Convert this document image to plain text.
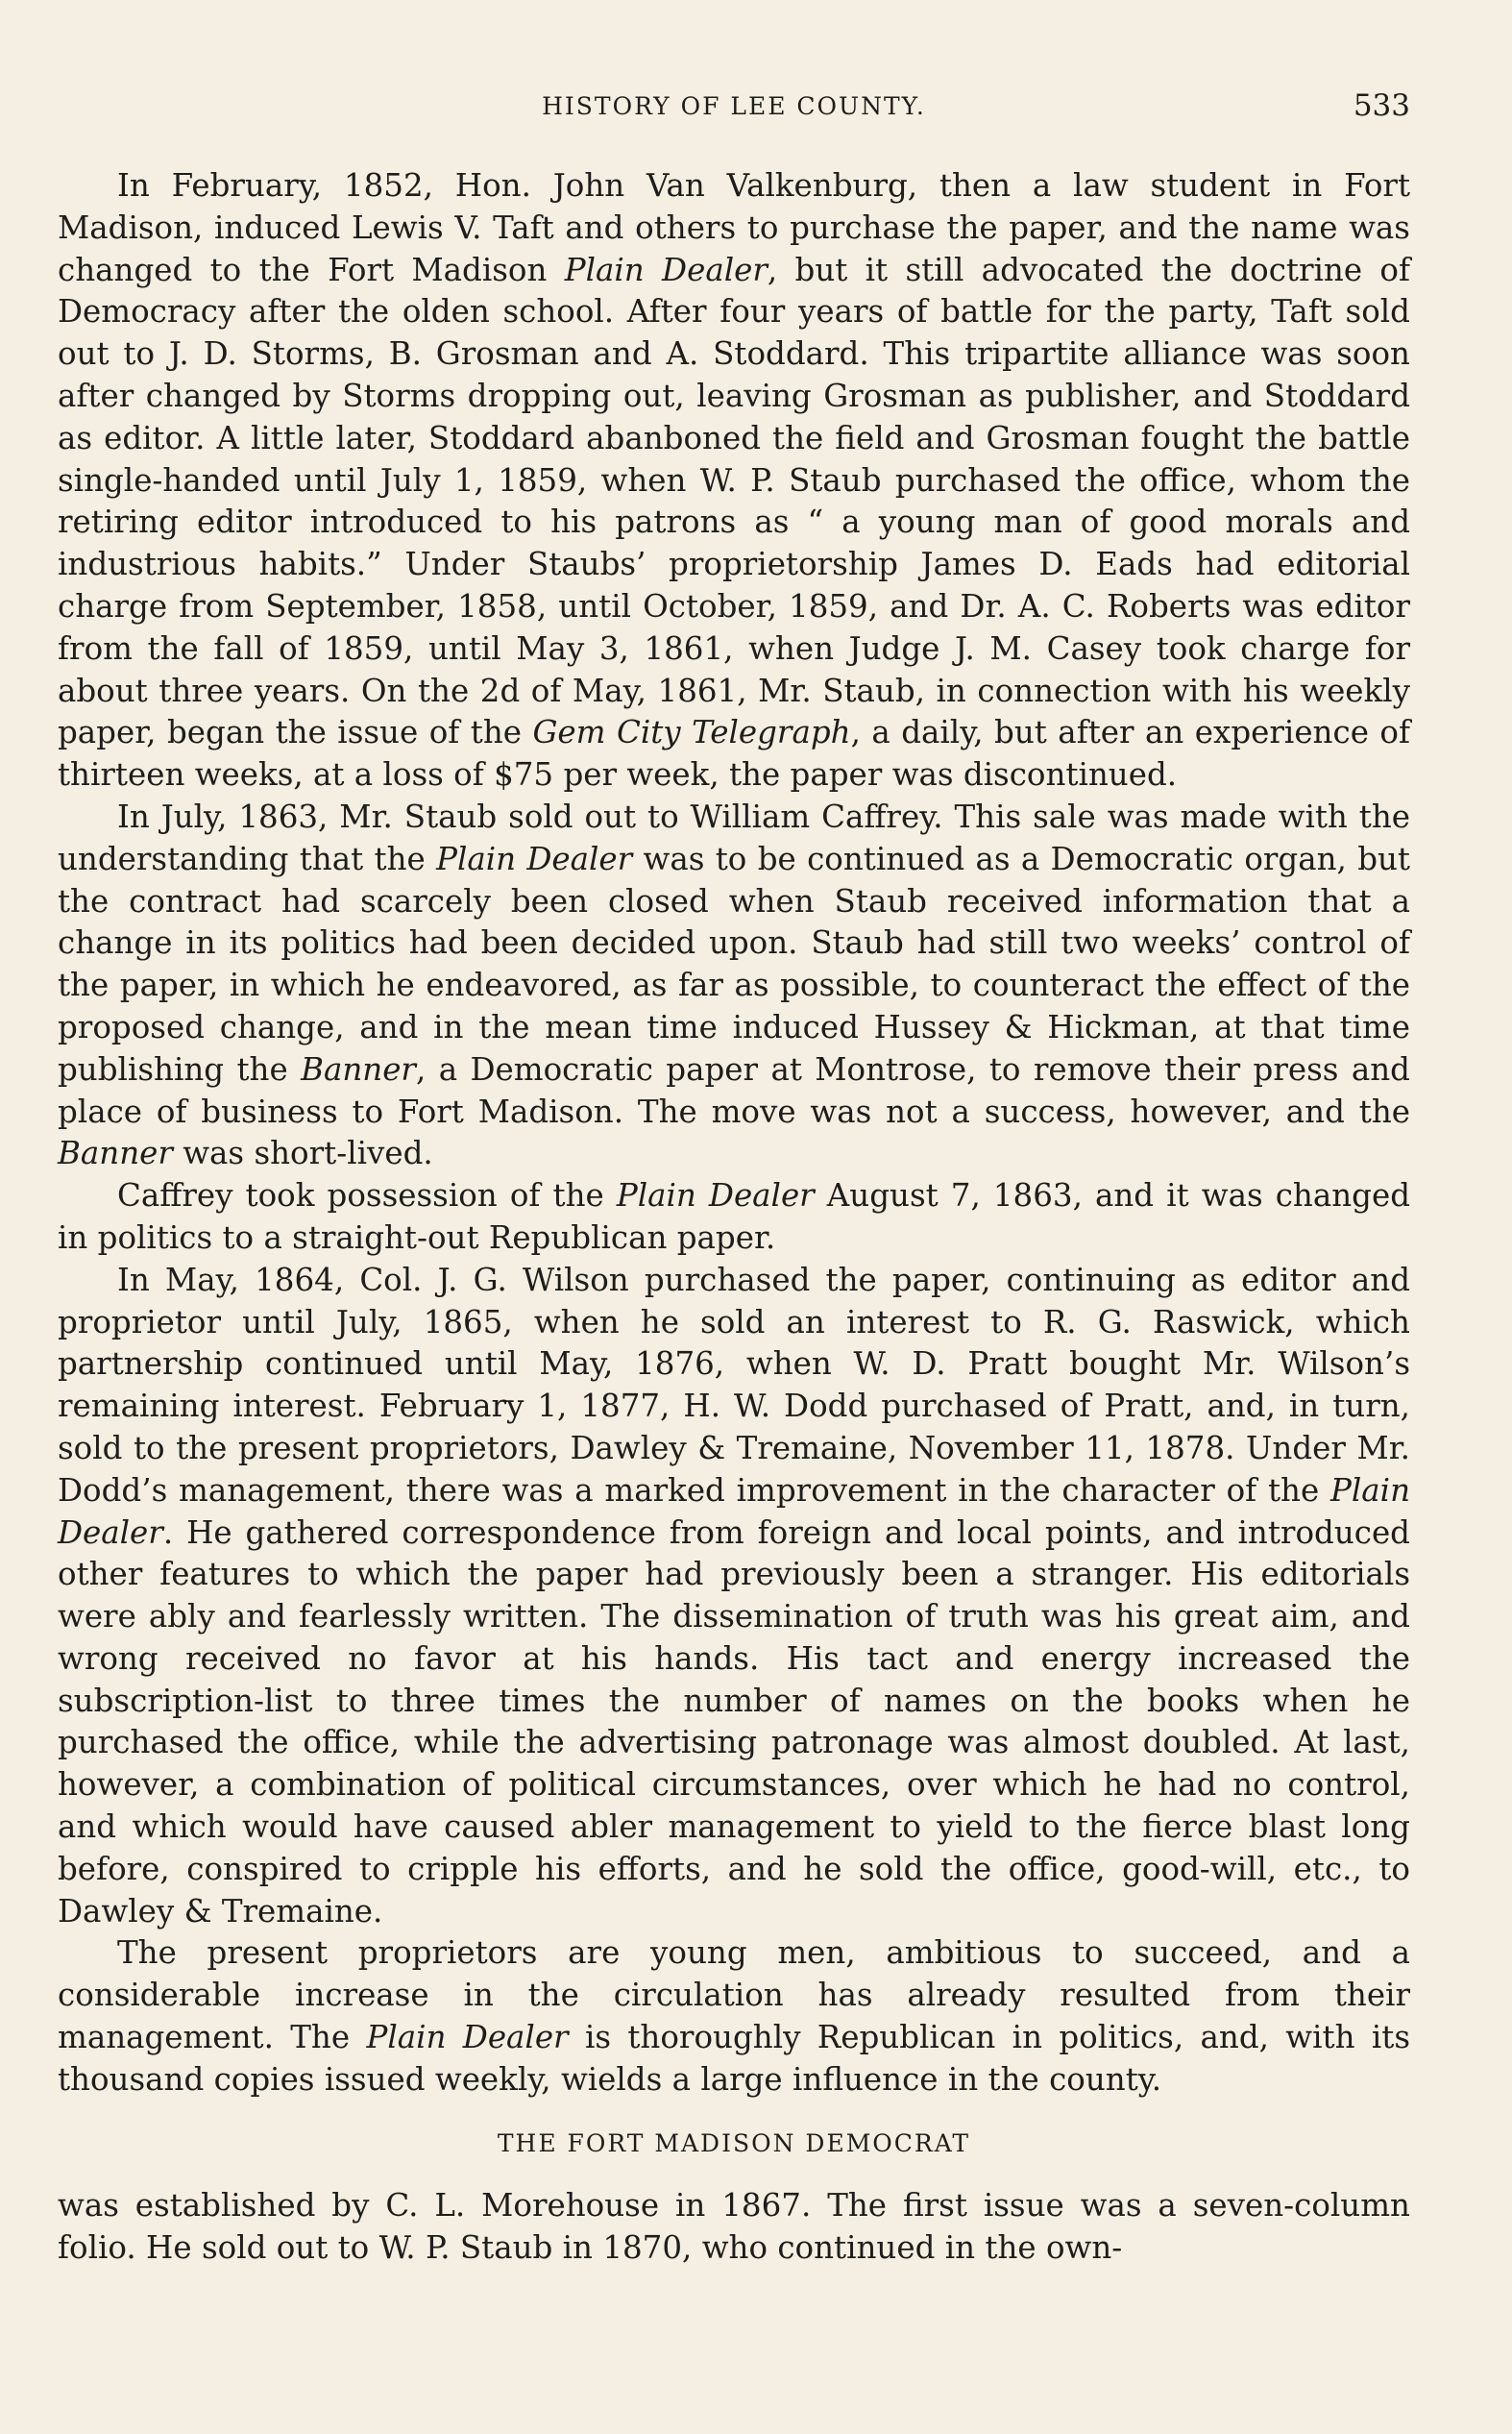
HISTORY OF LEE COUNTY.	533

In February, 1852, Hon. John Van Valkenburg, then a law student in Fort Madison, induced Lewis V. Taft and others to purchase the paper, and the name was changed to the Fort Madison Plain Dealer, but it still advocated the doctrine of Democracy after the olden school. After four years of battle for the party, Taft sold out to J. D. Storms, B. Grosman and A. Stoddard. This tripartite alliance was soon after changed by Storms dropping out, leaving Grosman as publisher, and Stoddard as editor. A little later, Stoddard abanboned the field and Grosman fought the battle single-handed until July 1, 1859, when W. P. Staub purchased the office, whom the retiring editor introduced to his patrons as “ a young man of good morals and industrious habits.” Under Staubs’ proprietorship James D. Eads had editorial charge from September, 1858, until October, 1859, and Dr. A. C. Roberts was editor from the fall of 1859, until May 3, 1861, when Judge J. M. Casey took charge for about three years. On the 2d of May, 1861, Mr. Staub, in connection with his weekly paper, began the issue of the Gem City Telegraph, a daily, but after an experience of thirteen weeks, at a loss of $75 per week, the paper was discontinued.

In July, 1863, Mr. Staub sold out to William Caffrey. This sale was made with the understanding that the Plain Dealer was to be continued as a Democratic organ, but the contract had scarcely been closed when Staub received information that a change in its politics had been decided upon. Staub had still two weeks’ control of the paper, in which he endeavored, as far as possible, to counteract the effect of the proposed change, and in the mean time induced Hussey & Hickman, at that time publishing the Banner, a Democratic paper at Montrose, to remove their press and place of business to Fort Madison. The move was not a success, however, and the Banner was short-lived.

Caffrey took possession of the Plain Dealer August 7, 1863, and it was changed in politics to a straight-out Republican paper.

In May, 1864, Col. J. G. Wilson purchased the paper, continuing as editor and proprietor until July, 1865, when he sold an interest to R. G. Raswick, which partnership continued until May, 1876, when W. D. Pratt bought Mr. Wilson’s remaining interest. February 1, 1877, H. W. Dodd purchased of Pratt, and, in turn, sold to the present proprietors, Dawley & Tremaine, November 11, 1878. Under Mr. Dodd’s management, there was a marked improvement in the character of the Plain Dealer. He gathered correspondence from foreign and local points, and introduced other features to which the paper had previously been a stranger. His editorials were ably and fearlessly written. The dissemination of truth was his great aim, and wrong received no favor at his hands. His tact and energy increased the subscription-list to three times the number of names on the books when he purchased the office, while the advertising patronage was almost doubled. At last, however, a combination of political circumstances, over which he had no control, and which would have caused abler management to yield to the fierce blast long before, conspired to cripple his efforts, and he sold the office, good-will, etc., to Dawley & Tremaine.

The present proprietors are young men, ambitious to succeed, and a considerable increase in the circulation has already resulted from their management. The Plain Dealer is thoroughly Republican in politics, and, with its thousand copies issued weekly, wields a large influence in the county.

THE FORT MADISON DEMOCRAT

was established by C. L. Morehouse in 1867. The first issue was a seven-column folio. He sold out to W. P. Staub in 1870, who continued in the own-
